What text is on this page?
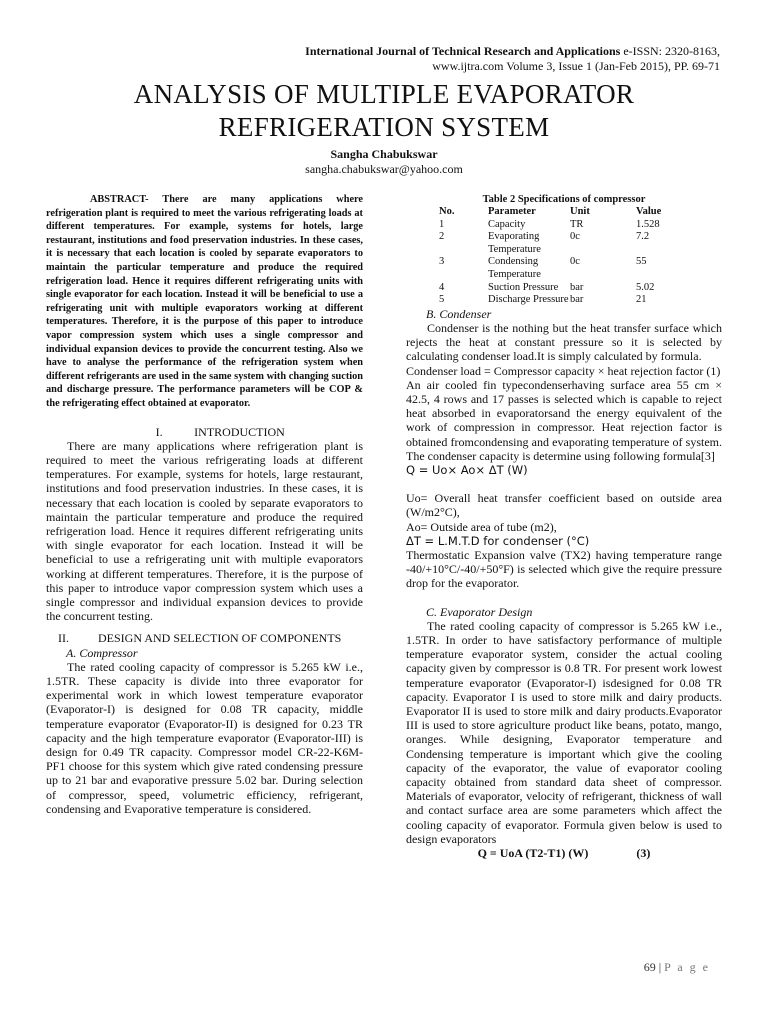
International Journal of Technical Research and Applications e-ISSN: 2320-8163,
www.ijtra.com Volume 3, Issue 1 (Jan-Feb 2015), PP. 69-71
ANALYSIS OF MULTIPLE EVAPORATOR
REFRIGERATION SYSTEM
Sangha Chabukswar
sangha.chabukswar@yahoo.com

ABSTRACT- There are many applications where refrigeration plant is required to meet the various refrigerating loads at different temperatures. For example, systems for hotels, large restaurant, institutions and food preservation industries. In these cases, it is necessary that each location is cooled by separate evaporators to maintain the particular temperature and produce the required refrigeration load. Hence it requires different refrigerating units with single evaporator for each location. Instead it will be beneficial to use a refrigerating unit with multiple evaporators working at different temperatures. Therefore, it is the purpose of this paper to introduce vapor compression system which uses a single compressor and individual expansion devices to provide the concurrent testing. Also we have to analyse the performance of the refrigeration system when different refrigerants are used in the same system with changing suction and discharge pressure. The performance parameters will be COP & the refrigerating effect obtained at evaporator.

I.	INTRODUCTION

There are many applications where refrigeration plant is required to meet the various refrigerating loads at different temperatures. For example, systems for hotels, large restaurant, institutions and food preservation industries. In these cases, it is necessary that each location is cooled by separate evaporators to maintain the particular temperature and produce the required refrigeration load. Hence it requires different refrigerating units with single evaporator for each location. Instead it will be beneficial to use a refrigerating unit with multiple evaporators working at different temperatures. Therefore, it is the purpose of this paper to introduce vapor compression system which uses a single compressor and individual expansion devices to provide the concurrent testing.

II. DESIGN AND SELECTION OF COMPONENTS

A. Compressor

The rated cooling capacity of compressor is 5.265 kW i.e., 1.5TR. These capacity is divide into three evaporator for experimental work in which lowest temperature evaporator (Evaporator-I) is designed for 0.08 TR capacity, middle temperature evaporator (Evaporator-II) is designed for 0.23 TR capacity and the high temperature evaporator (Evaporator-III) is design for 0.49 TR capacity. Compressor model CR-22-K6M-PF1 choose for this system which give rated condensing pressure up to 21 bar and evaporative pressure 5.02 bar. During selection of compressor, speed, volumetric efficiency, refrigerant, condensing and Evaporative temperature is considered.

Table 2 Specifications of compressor

No.	Parameter	Unit	Value
1	Capacity	TR	1.528
2	Evaporating Temperature	0c	7.2
3	Condensing Temperature	0c	55
4	Suction Pressure	bar	5.02
5	Discharge Pressure	bar	21

B. Condenser

Condenser is the nothing but the heat transfer surface which rejects the heat at constant pressure so it is selected by calculating condenser load.It is simply calculated by formula.

Condenser load = Compressor capacity × heat rejection factor (1)

An air cooled fin typecondenserhaving surface area 55 cm × 42.5, 4 rows and 17 passes is selected which is capable to reject heat absorbed in evaporatorsand the energy equivalent of the work of compression in compressor. Heat rejection factor is obtained fromcondensing and evaporating temperature of system. The condenser capacity is determine using following formula[3]

Q = Uo× Ao× ΔT (W)

Uo= Overall heat transfer coefficient based on outside area (W/m2°C),

Ao= Outside area of tube (m2),

ΔT = L.M.T.D for condenser (°C)

Thermostatic Expansion valve (TX2) having temperature range -40/+10°C/-40/+50°F) is selected which give the require pressure drop for the evaporator.

C. Evaporator Design

The rated cooling capacity of compressor is 5.265 kW i.e., 1.5TR. In order to have satisfactory performance of multiple temperature evaporator system, consider the actual cooling capacity given by compressor is 0.8 TR. For present work lowest temperature evaporator (Evaporator-I) isdesigned for 0.08 TR capacity. Evaporator I is used to store milk and dairy products. Evaporator II is used to store milk and dairy products.Evaporator III is used to store agriculture product like beans, potato, mango, oranges. While designing, Evaporator temperature and Condensing temperature is important which give the cooling capacity of the evaporator, the value of evaporator cooling capacity obtained from standard data sheet of compressor. Materials of evaporator, velocity of refrigerant, thickness of wall and contact surface area are some parameters which affect the cooling capacity of evaporator. Formula given below is used to design evaporators

Q = UoA (T2-T1) (W)                (3)

69 | P a g e
